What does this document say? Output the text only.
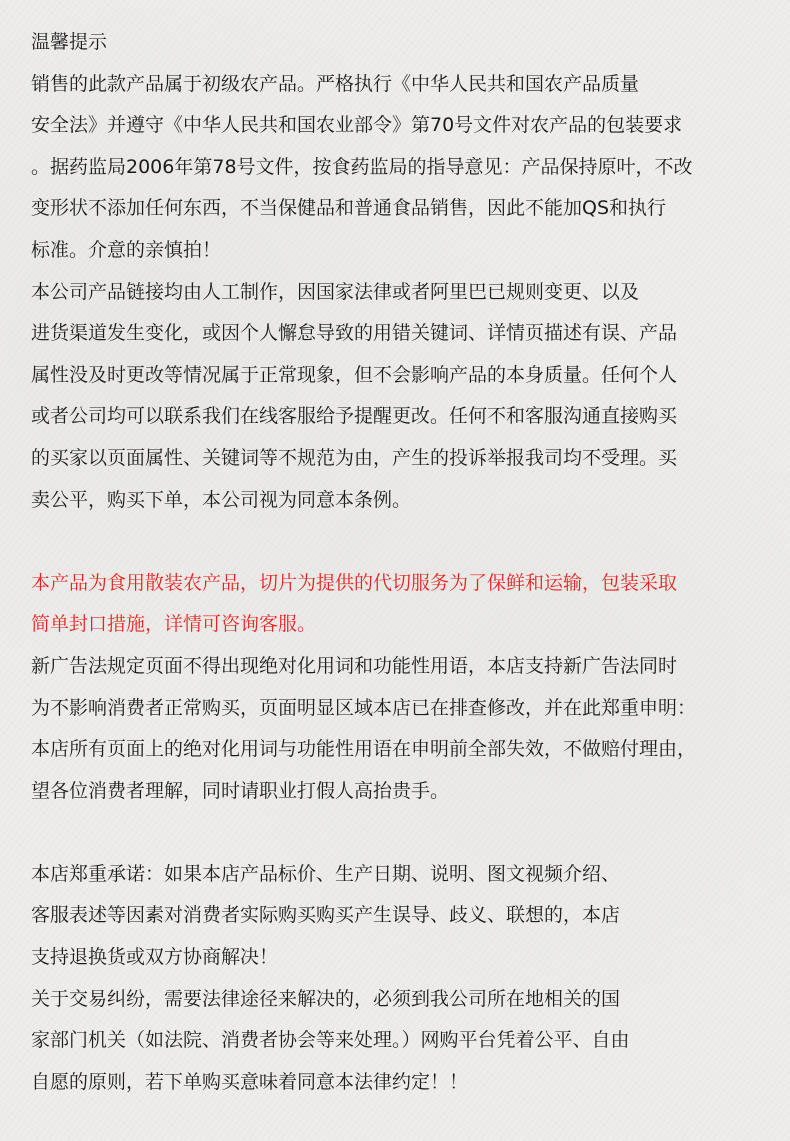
温馨提示
销售的此款产品属于初级农产品。严格执行《中华人民共和国农产品质量
安全法》并遵守《中华人民共和国农业部令》第70号文件对农产品的包装要求
。据药监局2006年第78号文件，按食药监局的指导意见：产品保持原叶，不改
变形状不添加任何东西，不当保健品和普通食品销售，因此不能加QS和执行
标准。介意的亲慎拍！
本公司产品链接均由人工制作，因国家法律或者阿里巴已规则变更、以及
进货渠道发生变化，或因个人懈怠导致的用错关键词、详情页描述有误、产品
属性没及时更改等情况属于正常现象，但不会影响产品的本身质量。任何个人
或者公司均可以联系我们在线客服给予提醒更改。任何不和客服沟通直接购买
的买家以页面属性、关键词等不规范为由，产生的投诉举报我司均不受理。买
卖公平，购买下单，本公司视为同意本条例。
本产品为食用散装农产品，切片为提供的代切服务为了保鲜和运输，包装采取
简单封口措施，详情可咨询客服。
新广告法规定页面不得出现绝对化用词和功能性用语，本店支持新广告法同时
为不影响消费者正常购买，页面明显区域本店已在排查修改，并在此郑重申明：
本店所有页面上的绝对化用词与功能性用语在申明前全部失效，不做赔付理由，
望各位消费者理解，同时请职业打假人高抬贵手。
本店郑重承诺：如果本店产品标价、生产日期、说明、图文视频介绍、
客服表述等因素对消费者实际购买购买产生误导、歧义、联想的，本店
支持退换货或双方协商解决！
关于交易纠纷，需要法律途径来解决的，必须到我公司所在地相关的国
家部门机关（如法院、消费者协会等来处理。）网购平台凭着公平、自由
自愿的原则，若下单购买意味着同意本法律约定！！
